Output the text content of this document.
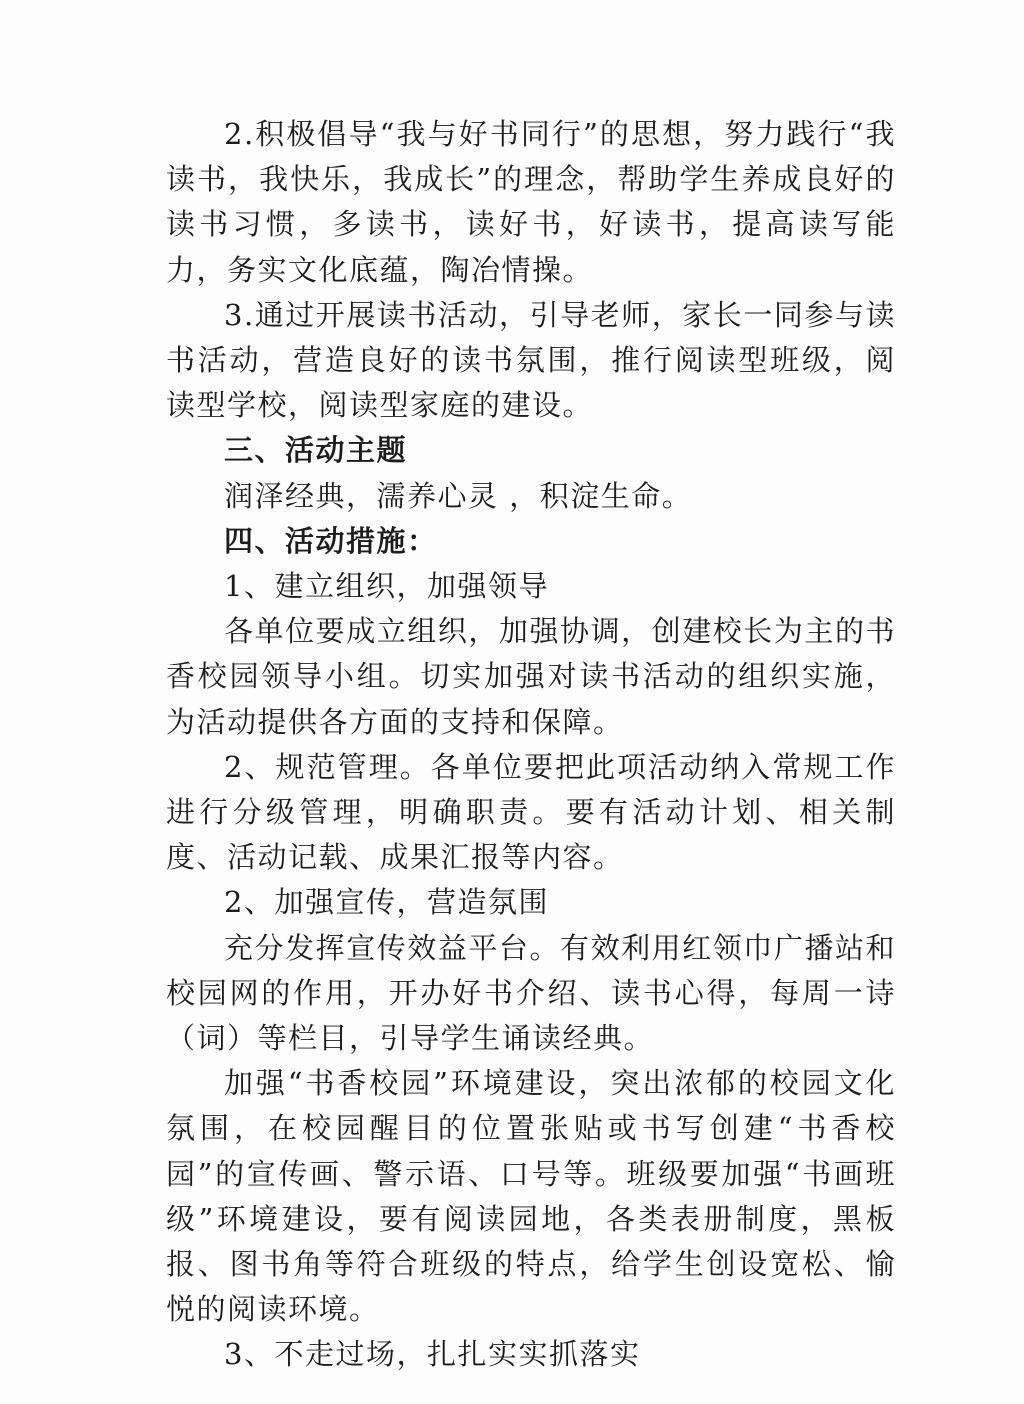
2.积极倡导“我与好书同行”的思想，努力践行“我读书，我快乐，我成长”的理念，帮助学生养成良好的读书习惯，多读书，读好书，好读书，提高读写能力，务实文化底蕴，陶冶情操。

3.通过开展读书活动，引导老师，家长一同参与读书活动，营造良好的读书氛围，推行阅读型班级，阅读型学校，阅读型家庭的建设。

三、活动主题

润泽经典，濡养心灵 ，积淀生命。

四、活动措施：

1、建立组织，加强领导

各单位要成立组织，加强协调，创建校长为主的书香校园领导小组。切实加强对读书活动的组织实施，为活动提供各方面的支持和保障。

2、规范管理。各单位要把此项活动纳入常规工作进行分级管理，明确职责。要有活动计划、相关制度、活动记载、成果汇报等内容。

2、加强宣传，营造氛围

充分发挥宣传效益平台。有效利用红领巾广播站和校园网的作用，开办好书介绍、读书心得，每周一诗（词）等栏目，引导学生诵读经典。

加强“书香校园”环境建设，突出浓郁的校园文化氛围，在校园醒目的位置张贴或书写创建“书香校园”的宣传画、警示语、口号等。班级要加强“书画班级”环境建设，要有阅读园地，各类表册制度，黑板报、图书角等符合班级的特点，给学生创设宽松、愉悦的阅读环境。

3、不走过场，扎扎实实抓落实
